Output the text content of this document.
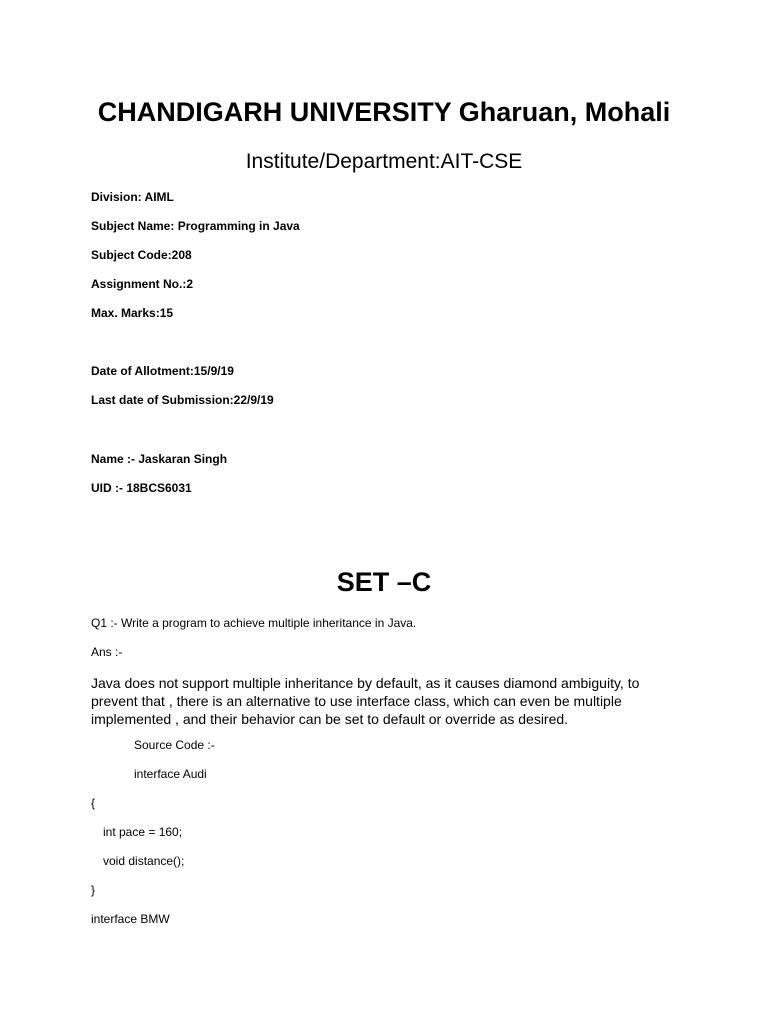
CHANDIGARH UNIVERSITY Gharuan, Mohali
Institute/Department:AIT-CSE
Division: AIML
Subject Name: Programming in Java
Subject Code:208
Assignment No.:2
Max. Marks:15
Date of Allotment:15/9/19
Last date of Submission:22/9/19
Name :- Jaskaran Singh
UID :- 18BCS6031
SET –C
Q1 :- Write a program to achieve multiple inheritance in Java.
Ans :-
Java does not support multiple inheritance by default, as it causes diamond ambiguity, to
prevent that , there is an alternative to use interface class, which can even be multiple
implemented , and their behavior can be set to default or override as desired.
Source Code :-
interface Audi
{
int pace = 160;
void distance();
}
interface BMW
